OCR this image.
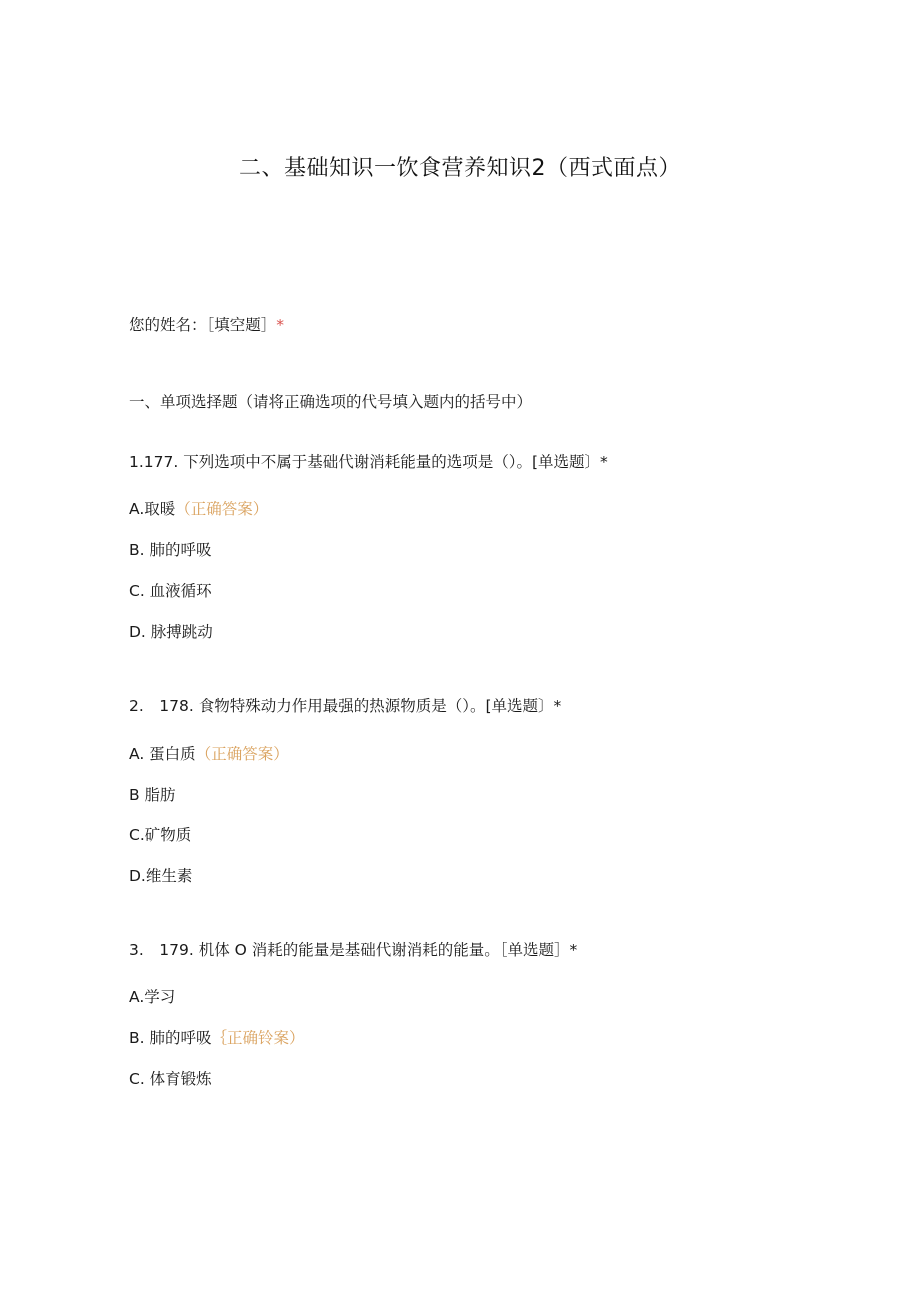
二、基础知识一饮食营养知识2（西式面点）
您的姓名：［填空题］*
一、单项选择题（请将正确选项的代号填入题内的括号中）
1.177. 下列选项中不属于基础代谢消耗能量的选项是（）。[单选题〕*
A.取暖（正确答案）
B. 肺的呼吸
C. 血液循环
D. 脉搏跳动
2. 178. 食物特殊动力作用最强的热源物质是（）。[单选题〕*
A. 蛋白质（正确答案）
B 脂肪
C.矿物质
D.维生素
3. 179. 机体 O 消耗的能量是基础代谢消耗的能量。［单选题］*
A.学习
B. 肺的呼吸｛正确铃案）
C. 体育锻炼
